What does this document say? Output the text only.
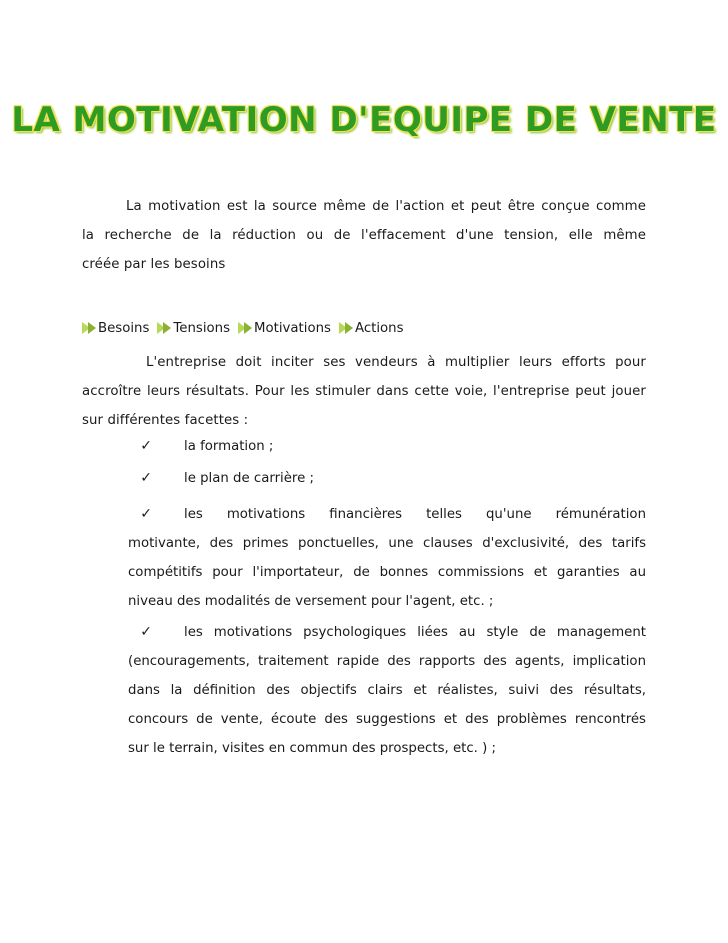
LA MOTIVATION D'EQUIPE DE VENTE
La motivation est la source même de l'action et peut être conçue comme
la recherche de la réduction ou de l'effacement d'une tension, elle même
créée par les besoins
Besoins Tensions Motivations Actions
L'entreprise doit inciter ses vendeurs à multiplier leurs efforts pour
accroître leurs résultats. Pour les stimuler dans cette voie, l'entreprise peut jouer
sur différentes facettes :
✓	la formation ;
✓	le plan de carrière ;
✓	les motivations financières telles qu'une rémunération
motivante, des primes ponctuelles, une clauses d'exclusivité, des tarifs
compétitifs pour l'importateur, de bonnes commissions et garanties au
niveau des modalités de versement pour l'agent, etc. ;
✓	les motivations psychologiques liées au style de management
(encouragements, traitement rapide des rapports des agents, implication
dans la définition des objectifs clairs et réalistes, suivi des résultats,
concours de vente, écoute des suggestions et des problèmes rencontrés
sur le terrain, visites en commun des prospects, etc. ) ;
